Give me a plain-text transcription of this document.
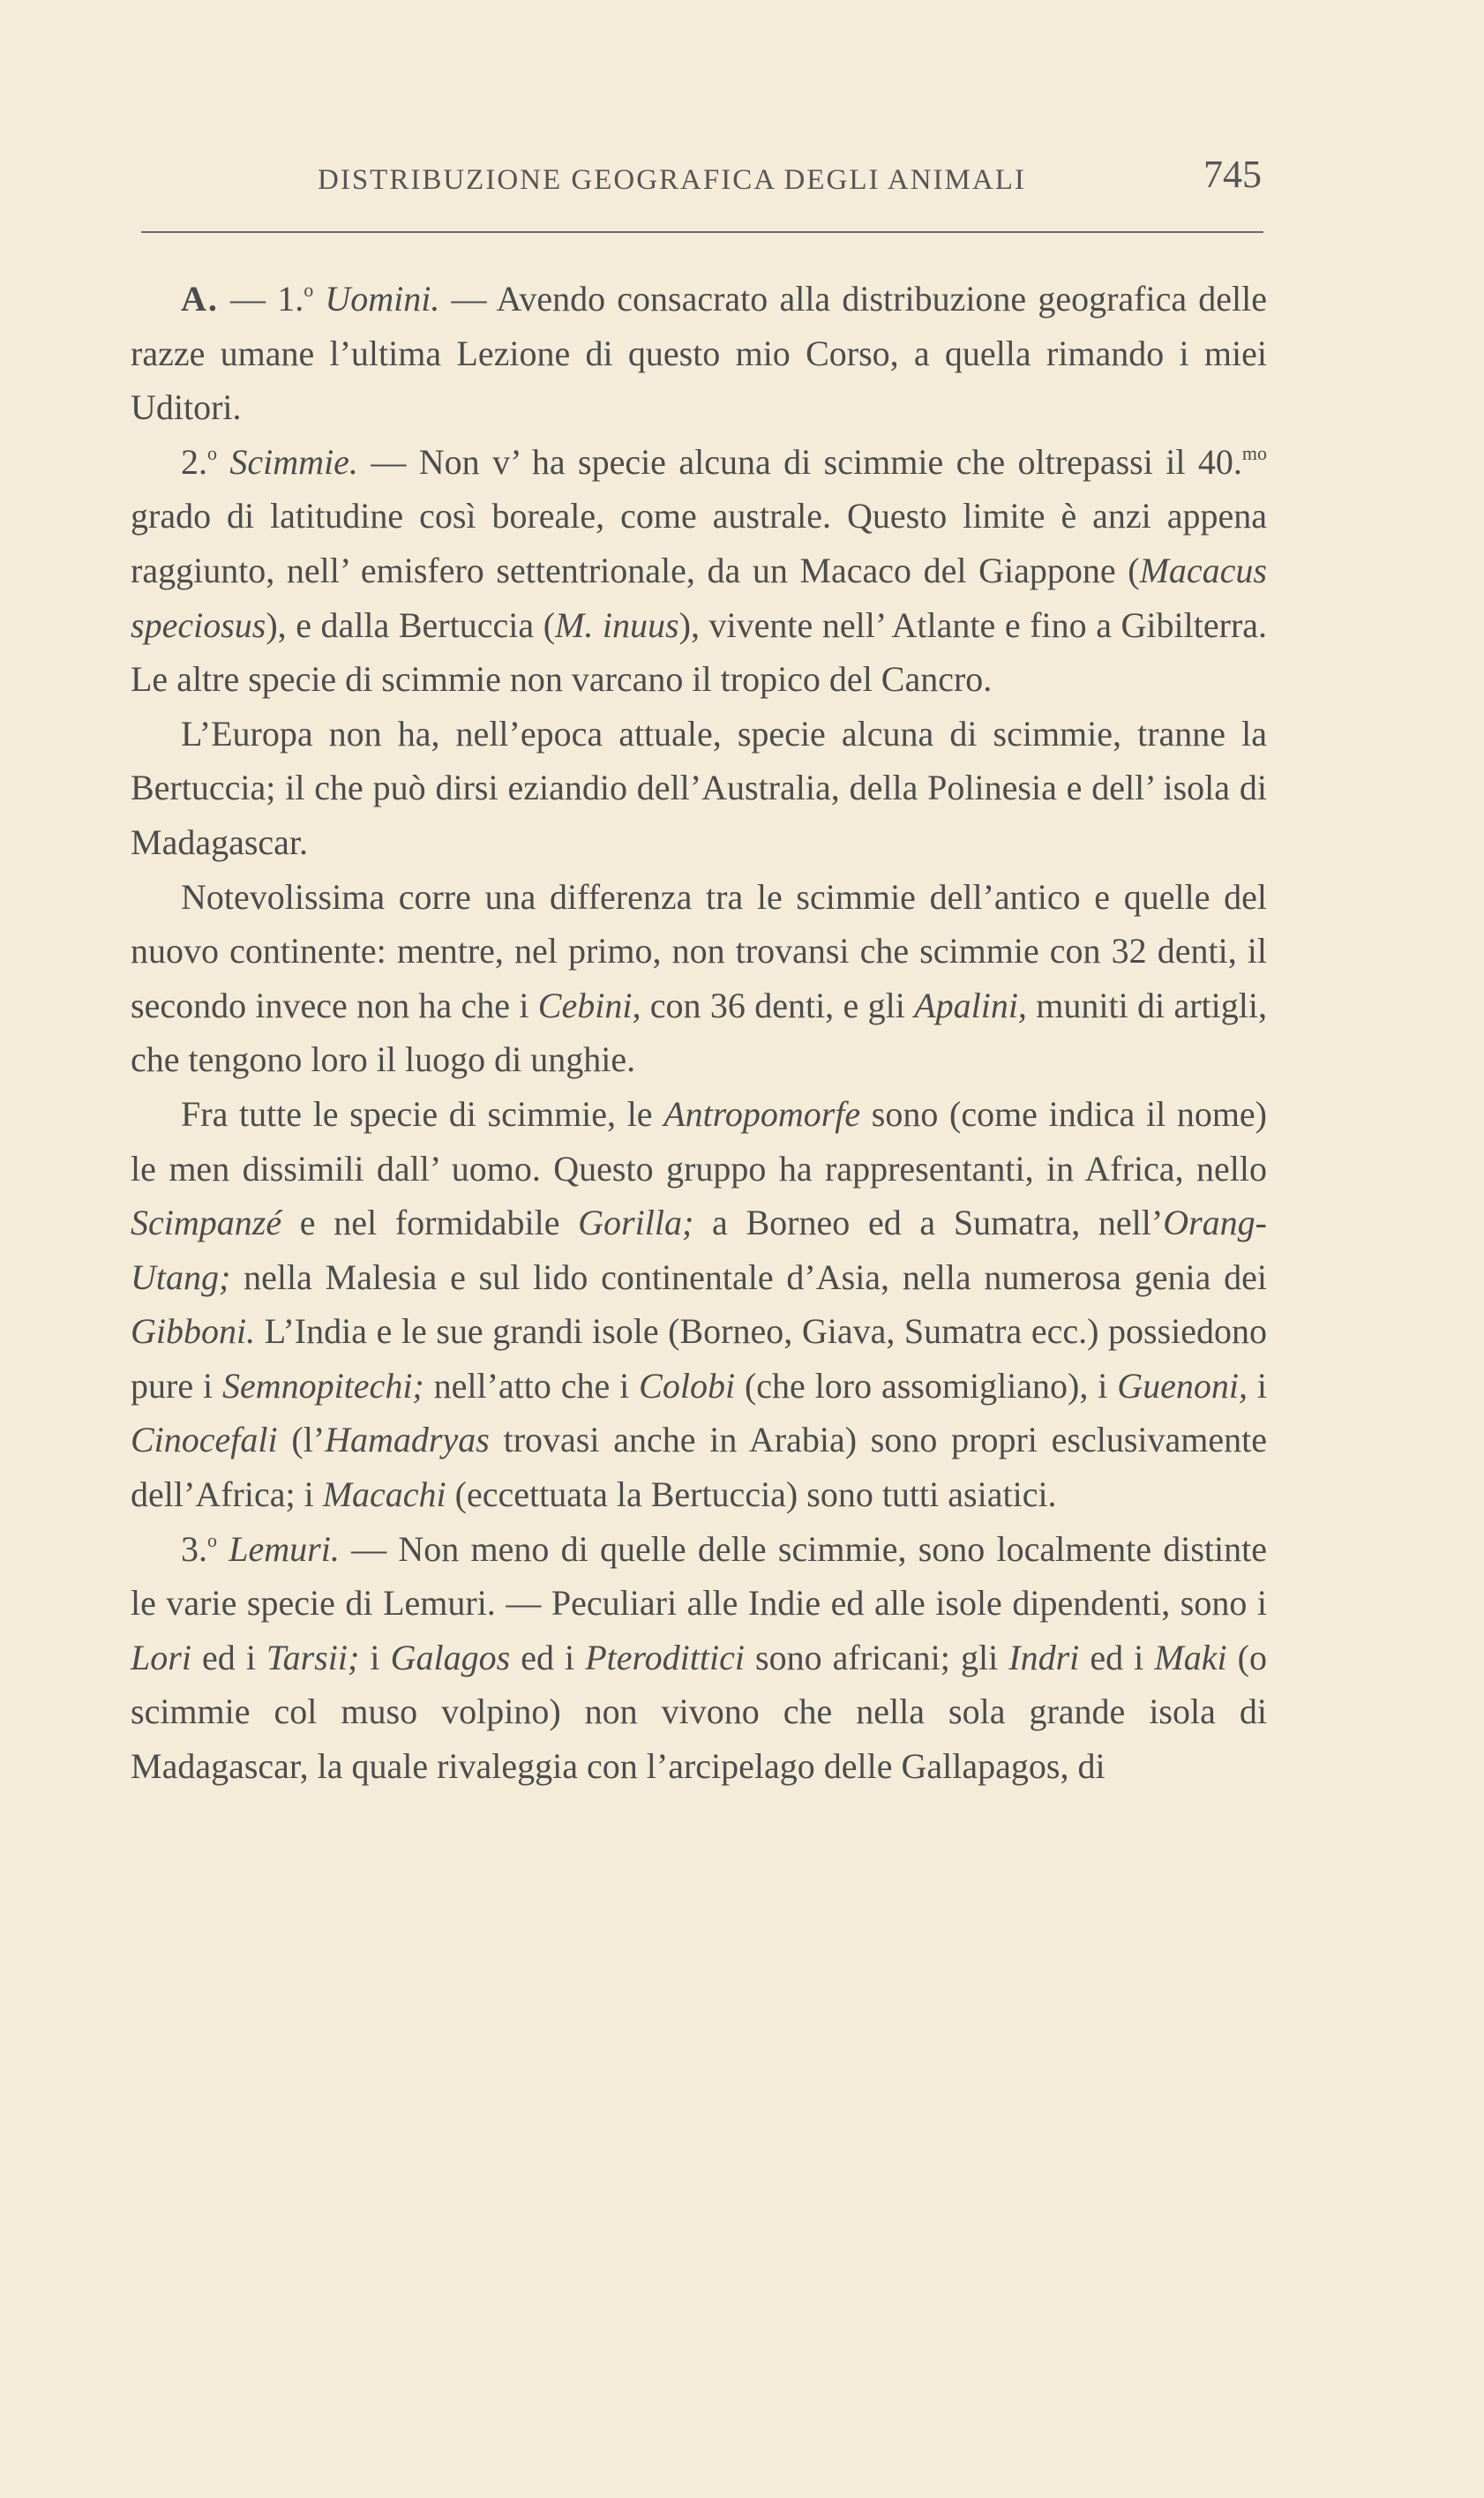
DISTRIBUZIONE GEOGRAFICA DEGLI ANIMALI	745

A. — 1.$^o$ Uomini. — Avendo consacrato alla distribuzione geografica delle razze umane l’ultima Lezione di questo mio Corso, a quella rimando i miei Uditori.

2.$^o$ Scimmie. — Non v’ ha specie alcuna di scimmie che oltrepassi il 40.$^{mo}$ grado di latitudine così boreale, come australe. Questo limite è anzi appena raggiunto, nell’ emisfero settentrionale, da un Macaco del Giappone (Macacus speciosus), e dalla Bertuccia (M. inuus), vivente nell’ Atlante e fino a Gibilterra. Le altre specie di scimmie non varcano il tropico del Cancro.

L’Europa non ha, nell’epoca attuale, specie alcuna di scimmie, tranne la Bertuccia; il che può dirsi eziandio dell’Australia, della Polinesia e dell’ isola di Madagascar.

Notevolissima corre una differenza tra le scimmie dell’antico e quelle del nuovo continente: mentre, nel primo, non trovansi che scimmie con 32 denti, il secondo invece non ha che i Cebini, con 36 denti, e gli Apalini, muniti di artigli, che tengono loro il luogo di unghie.

Fra tutte le specie di scimmie, le Antropomorfe sono (come indica il nome) le men dissimili dall’ uomo. Questo gruppo ha rappresentanti, in Africa, nello Scimpanzé e nel formidabile Gorilla; a Borneo ed a Sumatra, nell’Orang-Utang; nella Malesia e sul lido continentale d’Asia, nella numerosa genia dei Gibboni. L’India e le sue grandi isole (Borneo, Giava, Sumatra ecc.) possiedono pure i Semnopitechi; nell’atto che i Colobi (che loro assomigliano), i Guenoni, i Cinocefali (l’Hamadryas trovasi anche in Arabia) sono propri esclusivamente dell’Africa; i Macachi (eccettuata la Bertuccia) sono tutti asiatici.

3.$^o$ Lemuri. — Non meno di quelle delle scimmie, sono localmente distinte le varie specie di Lemuri. — Peculiari alle Indie ed alle isole dipendenti, sono i Lori ed i Tarsii; i Galagos ed i Pterodittici sono africani; gli Indri ed i Maki (o scimmie col muso volpino) non vivono che nella sola grande isola di Madagascar, la quale rivaleggia con l’arcipelago delle Gallapagos, di
